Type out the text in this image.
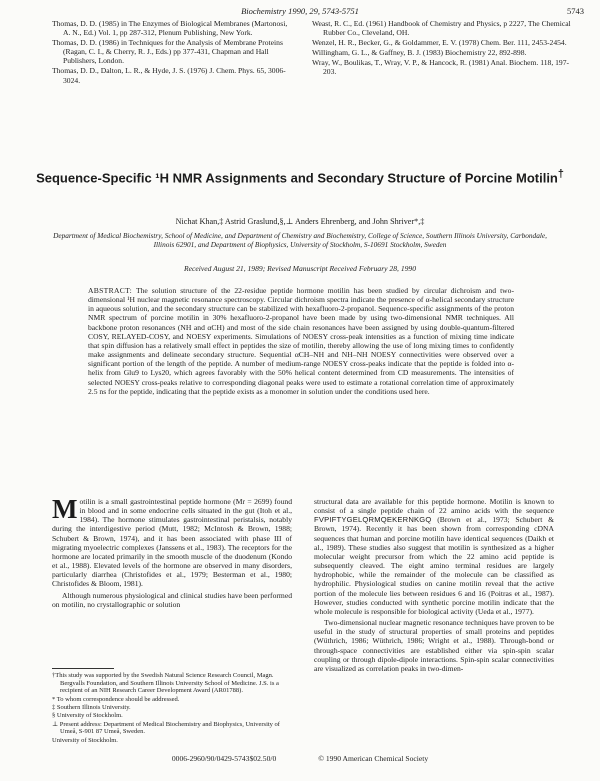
Biochemistry 1990, 29, 5743-5751	5743

Thomas, D. D. (1985) in The Enzymes of Biological Membranes (Martonosi, A. N., Ed.) Vol. 1, pp 287-312, Plenum Publishing, New York.

Thomas, D. D. (1986) in Techniques for the Analysis of Membrane Proteins (Ragan, C. I., & Cherry, R. J., Eds.) pp 377-431, Chapman and Hall Publishers, London.

Thomas, D. D., Dalton, L. R., & Hyde, J. S. (1976) J. Chem. Phys. 65, 3006-3024.

Weast, R. C., Ed. (1961) Handbook of Chemistry and Physics, p 2227, The Chemical Rubber Co., Cleveland, OH.

Wenzel, H. R., Becker, G., & Goldammer, E. V. (1978) Chem. Ber. 111, 2453-2454.

Willingham, G. L., & Gaffney, B. J. (1983) Biochemistry 22, 892-898.

Wray, W., Boulikas, T., Wray, V. P., & Hancock, R. (1981) Anal. Biochem. 118, 197-203.

Sequence-Specific ¹H NMR Assignments and Secondary Structure of Porcine Motilin†
Nichat Khan,‡ Astrid Graslund,§,⊥ Anders Ehrenberg, and John Shriver*,‡
Department of Medical Biochemistry, School of Medicine, and Department of Chemistry and Biochemistry, College of Science, Southern Illinois University, Carbondale, Illinois 62901, and Department of Biophysics, University of Stockholm, S-10691 Stockholm, Sweden
Received August 21, 1989; Revised Manuscript Received February 28, 1990
ABSTRACT: The solution structure of the 22-residue peptide hormone motilin has been studied by circular dichroism and two-dimensional ¹H nuclear magnetic resonance spectroscopy. Circular dichroism spectra indicate the presence of α-helical secondary structure in aqueous solution, and the secondary structure can be stabilized with hexafluoro-2-propanol. Sequence-specific assignments of the proton NMR spectrum of porcine motilin in 30% hexafluoro-2-propanol have been made by using two-dimensional NMR techniques. All backbone proton resonances (NH and αCH) and most of the side chain resonances have been assigned by using double-quantum-filtered COSY, RELAYED-COSY, and NOESY experiments. Simulations of NOESY cross-peak intensities as a function of mixing time indicate that spin diffusion has a relatively small effect in peptides the size of motilin, thereby allowing the use of long mixing times to confidently make assignments and delineate secondary structure. Sequential αCH–NH and NH–NH NOESY connectivities were observed over a significant portion of the length of the peptide. A number of medium-range NOESY cross-peaks indicate that the peptide is folded into α-helix from Glu9 to Lys20, which agrees favorably with the 50% helical content determined from CD measurements. The intensities of selected NOESY cross-peaks relative to corresponding diagonal peaks were used to estimate a rotational correlation time of approximately 2.5 ns for the peptide, indicating that the peptide exists as a monomer in solution under the conditions used here.

Motilin is a small gastrointestinal peptide hormone (Mr = 2699) found in blood and in some endocrine cells situated in the gut (Itoh et al., 1984). The hormone stimulates gastrointestinal peristalsis, notably during the interdigestive period (Mutt, 1982; McIntosh & Brown, 1988; Schubert & Brown, 1974), and it has been associated with phase III of migrating myoelectric complexes (Janssens et al., 1983). The receptors for the hormone are located primarily in the smooth muscle of the duodenum (Kondo et al., 1988). Elevated levels of the hormone are observed in many disorders, particularly diarrhea (Christofides et al., 1979; Besterman et al., 1980; Christofides & Bloom, 1981).

Although numerous physiological and clinical studies have been performed on motilin, no crystallographic or solution

structural data are available for this peptide hormone. Motilin is known to consist of a single peptide chain of 22 amino acids with the sequence FVPIFTYGELQRMQEKERNKGQ (Brown et al., 1973; Schubert & Brown, 1974). Recently it has been shown from corresponding cDNA sequences that human and porcine motilin have identical sequences (Daikh et al., 1989). These studies also suggest that motilin is synthesized as a higher molecular weight precursor from which the 22 amino acid peptide is subsequently cleaved. The eight amino terminal residues are largely hydrophobic, while the remainder of the molecule can be classified as hydrophilic. Physiological studies on canine motilin reveal that the active portion of the molecule lies between residues 6 and 16 (Poitras et al., 1987). However, studies conducted with synthetic porcine motilin indicate that the whole molecule is responsible for biological activity (Ueda et al., 1977).

Two-dimensional nuclear magnetic resonance techniques have proven to be useful in the study of structural properties of small proteins and peptides (Wüthrich, 1986; Wüthrich, 1986; Wright et al., 1988). Through-bond or through-space connectivities are established either via spin-spin scalar coupling or through dipole-dipole interactions. Spin-spin scalar connectivities are visualized as correlation peaks in two-dimen-

†This study was supported by the Swedish Natural Science Research Council, Magn. Bergvalls Foundation, and Southern Illinois University School of Medicine. J.S. is a recipient of an NIH Research Career Development Award (AR01788).

* To whom correspondence should be addressed.

‡ Southern Illinois University.

§ University of Stockholm.

⊥ Present address: Department of Medical Biochemistry and Biophysics, University of Umeå, S-901 87 Umeå, Sweden.

University of Stockholm.

0006-2960/90/0429-5743$02.50/0	© 1990 American Chemical Society
